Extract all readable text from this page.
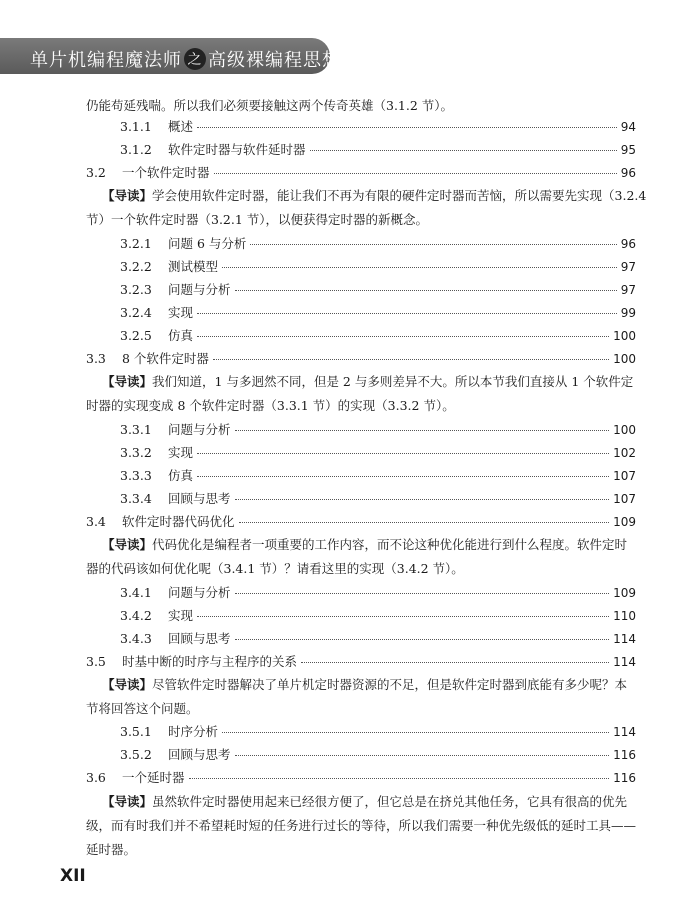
单片机编程魔法师 之 高级裸编程思想
仍能苟延残喘。所以我们必须要接触这两个传奇英雄（3.1.2 节）。
3.1.1 概述	94
3.1.2 软件定时器与软件延时器	95
3.2 一个软件定时器	96
【导读】学会使用软件定时器，能让我们不再为有限的硬件定时器而苦恼，所以需要先实现（3.2.4
节）一个软件定时器（3.2.1 节），以便获得定时器的新概念。
3.2.1 问题 6 与分析	96
3.2.2 测试模型	97
3.2.3 问题与分析	97
3.2.4 实现	99
3.2.5 仿真	100
3.3 8 个软件定时器	100
【导读】我们知道，1 与多迥然不同，但是 2 与多则差异不大。所以本节我们直接从 1 个软件定
时器的实现变成 8 个软件定时器（3.3.1 节）的实现（3.3.2 节）。
3.3.1 问题与分析	100
3.3.2 实现	102
3.3.3 仿真	107
3.3.4 回顾与思考	107
3.4 软件定时器代码优化	109
【导读】代码优化是编程者一项重要的工作内容，而不论这种优化能进行到什么程度。软件定时
器的代码该如何优化呢（3.4.1 节）？请看这里的实现（3.4.2 节）。
3.4.1 问题与分析	109
3.4.2 实现	110
3.4.3 回顾与思考	114
3.5 时基中断的时序与主程序的关系	114
【导读】尽管软件定时器解决了单片机定时器资源的不足，但是软件定时器到底能有多少呢？本
节将回答这个问题。
3.5.1 时序分析	114
3.5.2 回顾与思考	116
3.6 一个延时器	116
【导读】虽然软件定时器使用起来已经很方便了，但它总是在挤兑其他任务，它具有很高的优先
级，而有时我们并不希望耗时短的任务进行过长的等待，所以我们需要一种优先级低的延时工具——
延时器。
XII
